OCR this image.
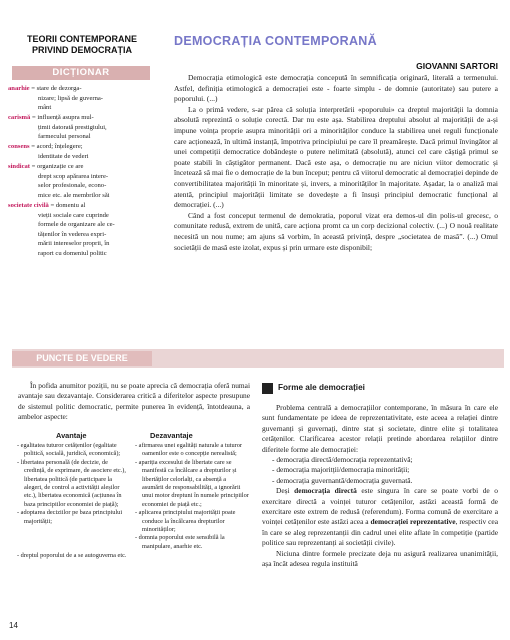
TEORII CONTEMPORANE
PRIVIND DEMOCRAȚIA
DICȚIONAR
anarhie = stare de dezorga-
nizare; lipsă de guverna-
mânt
carismă = influență asupra mul-
țimii datorată prestigiului,
farmecului personal
consens = acord; înțelegere;
identitate de vederi
sindicat = organizație ce are
drept scop apărarea intere-
selor profesionale, econo-
mice etc. ale membrilor săi
societate civilă = domeniu al
vieții sociale care cuprinde
formele de organizare ale ce-
tățenilor în vederea expri-
mării intereselor proprii, în
raport cu domeniul politic
DEMOCRAȚIA CONTEMPORANĂ
GIOVANNI SARTORI

Democrația etimologică este democrația concepută în semnificația originară, literală a termenului. Astfel, definiția etimologică a democrației este - foarte simplu - de domnie (autoritate) sau putere a poporului. (...)

La o primă vedere, s-ar părea că soluția interpretării «poporului» ca dreptul majorității la domnia absolută reprezintă o soluție corectă. Dar nu este așa. Stabilirea dreptului absolut al majorității de a-și impune voința proprie asupra minorității ori a minorităților conduce la stabilirea unei reguli funcționale care acționează, în ultimă instanță, împotriva principiului pe care îl preamărește. Dacă primul învingător al unei competiții democratice dobândește o putere nelimitată (absolută), atunci cel care câștigă primul se poate stabili în câștigător permanent. Dacă este așa, o democrație nu are niciun viitor democratic și încetează să mai fie o democrație de la bun început; pentru că viitorul democratic al democrației depinde de convertibilitatea majorității în minoritate și, invers, a minorităților în majoritate. Așadar, la o analiză mai atentă, principiul majorității limitate se dovedește a fi însuși principiul democratic funcțional al democrației. (...)

Când a fost conceput termenul de demokratia, poporul vizat era demos-ul din polis-ul grecesc, o comunitate redusă, extrem de unită, care acționa promt ca un corp decizional colectiv. (...) O nouă realitate necesită un nou nume; am ajuns să vorbim, în această privință, despre „societatea de masă”. (...) Omul societății de masă este izolat, expus și prin urmare este disponibil;

PUNCTE DE VEDERE

În pofida anumitor poziții, nu se poate aprecia că democrația oferă numai avantaje sau dezavantaje. Considerarea critică a diferitelor aspecte presupune de sistemul politic democratic, permite punerea în evidență, întotdeauna, a ambelor aspecte:

Avantaje	Dezavantaje

- egalitatea tuturor cetățenilor (egalitate politică, socială, juridică, economică);

- libertatea personală (de decizie, de credință, de exprimare, de asociere etc.), libertatea politică (de participare la alegeri, de control a activității aleșilor etc.), libertatea economică (acțiunea în baza principiilor economiei de piață);

- adoptarea deciziilor pe baza principiului majorității;

- dreptul poporului de a se autoguverna etc.

- afirmarea unei egalități naturale a tuturor oamenilor este o concepție nerealistă;

- apariția excesului de libertate care se manifestă ca încălcare a drepturilor și libertăților celorlalți, ca absență a asumării de responsabilități, a ignorării unui motor dreptuni în numele principiilor economiei de piață etc.;

- aplicarea principiului majorității poate conduce la încălcarea drepturilor minorităților;

- domnia poporului este sensibilă la manipulare, anarhie etc.

14
Forme ale democrației

Problema centrală a democrațiilor contemporane, în măsura în care ele sunt fundamentate pe ideea de reprezentativitate, este aceea a relației dintre guvernanți și guvernați, dintre stat și societate, dintre elite și totalitatea cetățenilor. Clarificarea acestor relații pretinde abordarea relațiilor dintre diferitele forme ale democrației:

- democrația directă/democrația reprezentativă;

- democrația majoritții/democrația minorității;

- democrația guvernantă/democrația guvernată.

Deși democrația directă este singura în care se poate vorbi de o exercitare directă a voinței tuturor cetățenilor, astăzi această formă de exercitare este extrem de redusă (referendum). Forma comună de exercitare a voinței cetățenilor este astăzi acea a democrației reprezentative, respectiv cea în care se aleg reprezentanții din cadrul unei elite aflate în competiție (partide politice sau reprezentanți ai societății civile).

Niciuna dintre formele precizate deja nu asigură realizarea unanimității, așa încât adesea regula instituită
